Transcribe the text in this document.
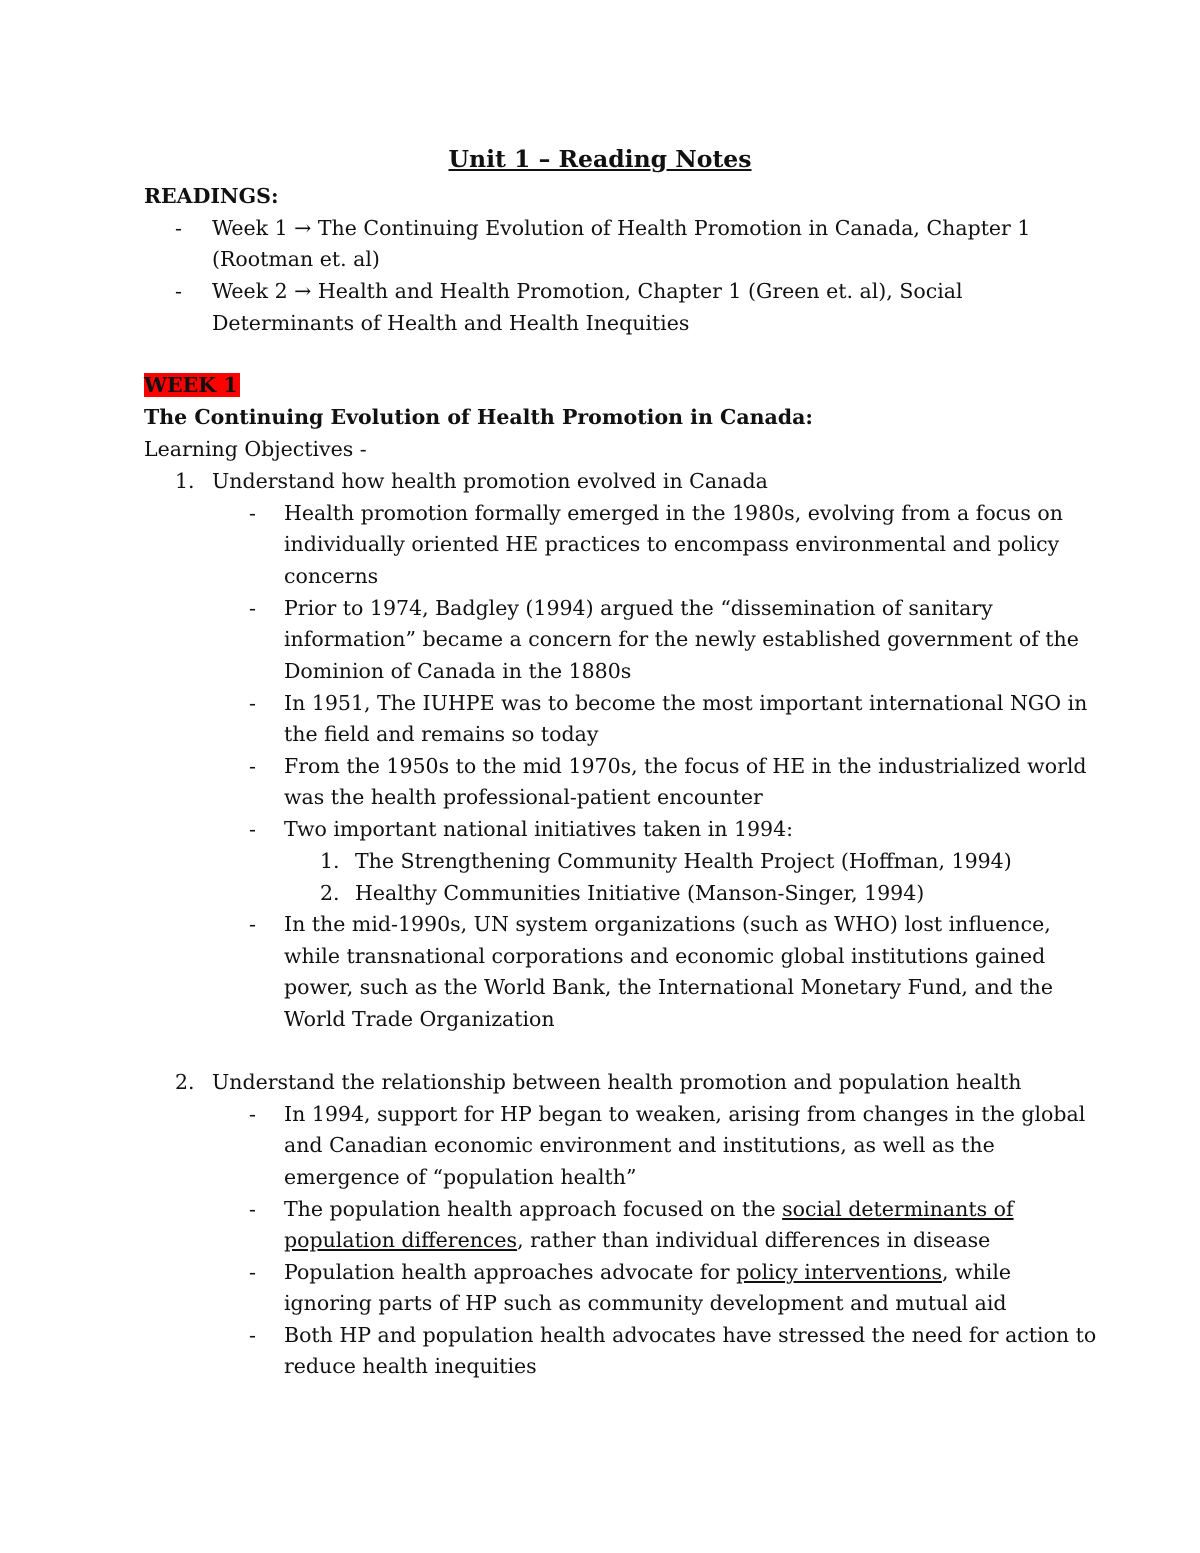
Unit 1 – Reading Notes
READINGS:
- Week 1 → The Continuing Evolution of Health Promotion in Canada, Chapter 1
(Rootman et. al)
- Week 2 → Health and Health Promotion, Chapter 1 (Green et. al), Social
Determinants of Health and Health Inequities
WEEK 1
The Continuing Evolution of Health Promotion in Canada:
Learning Objectives -
1. Understand how health promotion evolved in Canada
- Health promotion formally emerged in the 1980s, evolving from a focus on
individually oriented HE practices to encompass environmental and policy
concerns
- Prior to 1974, Badgley (1994) argued the “dissemination of sanitary
information” became a concern for the newly established government of the
Dominion of Canada in the 1880s
- In 1951, The IUHPE was to become the most important international NGO in
the field and remains so today
- From the 1950s to the mid 1970s, the focus of HE in the industrialized world
was the health professional-patient encounter
- Two important national initiatives taken in 1994:
1. The Strengthening Community Health Project (Hoffman, 1994)
2. Healthy Communities Initiative (Manson-Singer, 1994)
- In the mid-1990s, UN system organizations (such as WHO) lost influence,
while transnational corporations and economic global institutions gained
power, such as the World Bank, the International Monetary Fund, and the
World Trade Organization
2. Understand the relationship between health promotion and population health
- In 1994, support for HP began to weaken, arising from changes in the global
and Canadian economic environment and institutions, as well as the
emergence of “population health”
- The population health approach focused on the social determinants of
population differences, rather than individual differences in disease
- Population health approaches advocate for policy interventions, while
ignoring parts of HP such as community development and mutual aid
- Both HP and population health advocates have stressed the need for action to
reduce health inequities
